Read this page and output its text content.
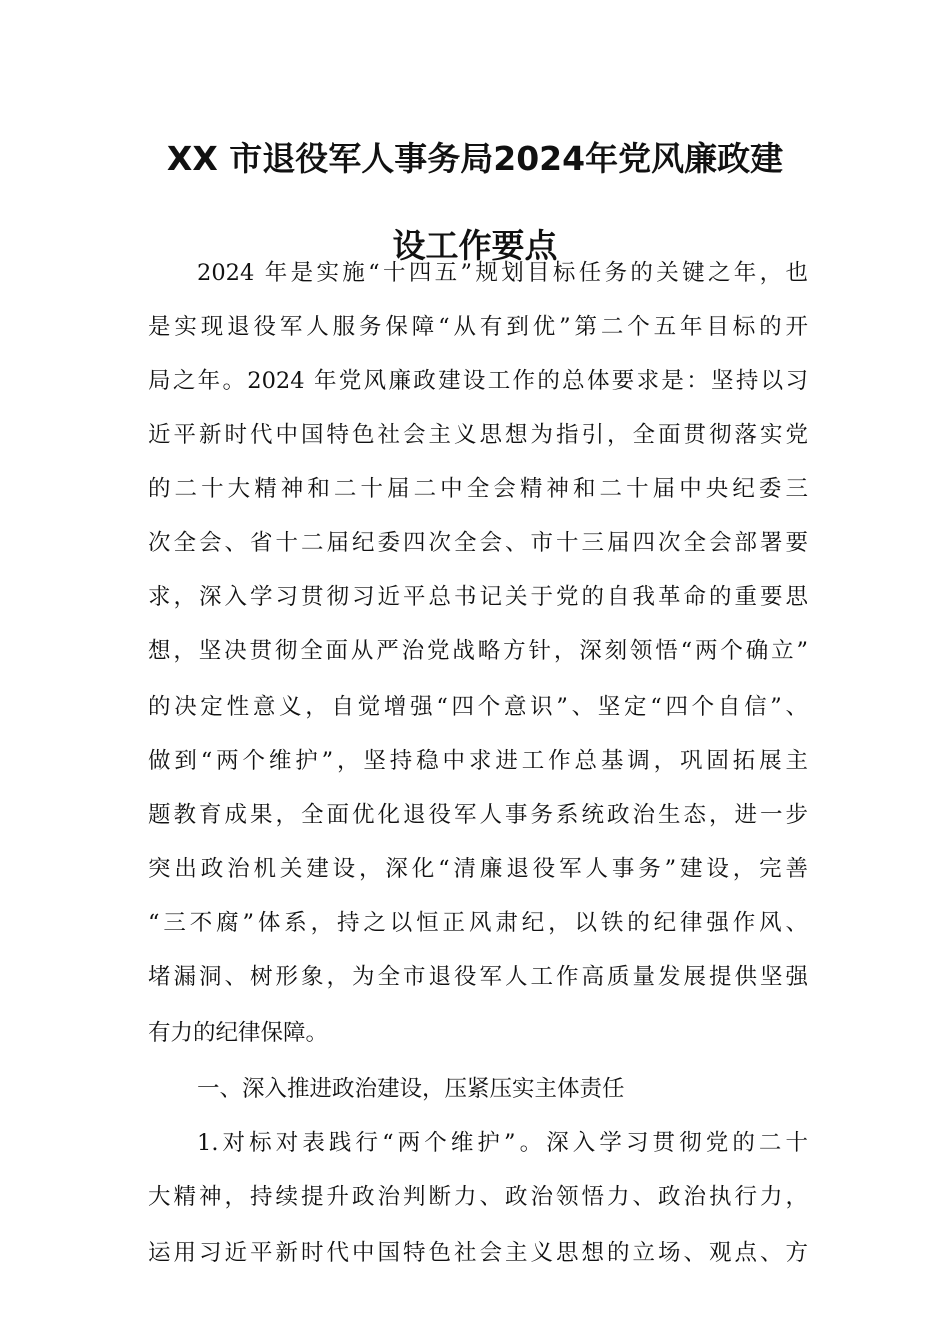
XX 市退役军人事务局2024年党风廉政建
设工作要点
2024 年是实施“十四五”规划目标任务的关键之年，也
是实现退役军人服务保障“从有到优”第二个五年目标的开
局之年。2024 年党风廉政建设工作的总体要求是：坚持以习
近平新时代中国特色社会主义思想为指引，全面贯彻落实党
的二十大精神和二十届二中全会精神和二十届中央纪委三
次全会、省十二届纪委四次全会、市十三届四次全会部署要
求，深入学习贯彻习近平总书记关于党的自我革命的重要思
想，坚决贯彻全面从严治党战略方针，深刻领悟“两个确立”
的决定性意义，自觉增强“四个意识”、坚定“四个自信”、
做到“两个维护”，坚持稳中求进工作总基调，巩固拓展主
题教育成果，全面优化退役军人事务系统政治生态，进一步
突出政治机关建设，深化“清廉退役军人事务”建设，完善
“三不腐”体系，持之以恒正风肃纪，以铁的纪律强作风、
堵漏洞、树形象，为全市退役军人工作高质量发展提供坚强
有力的纪律保障。
一、深入推进政治建设，压紧压实主体责任
1.对标对表践行“两个维护”。深入学习贯彻党的二十
大精神，持续提升政治判断力、政治领悟力、政治执行力，
运用习近平新时代中国特色社会主义思想的立场、观点、方
